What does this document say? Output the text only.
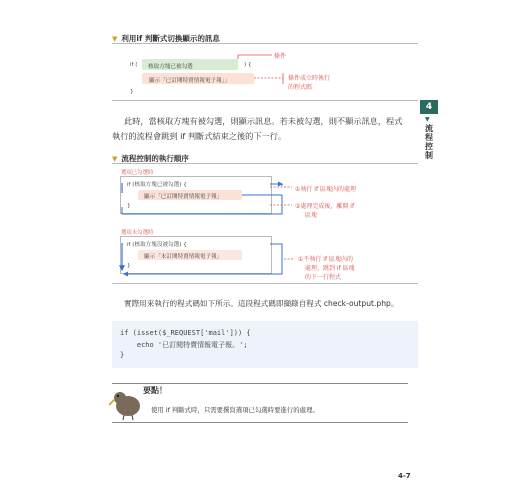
▼ 利用if 判斷式切換顯示的訊息
if ( 核取方塊已被勾選	) {
顯示「已訂閱特賣情報電子報」」
}
條件
條件成立時執行
的程式碼
此時，當核取方塊有被勾選，則顯示訊息。若未被勾選，則不顯示訊息，程式
執行的流程會跳到 if 判斷式結束之後的下一行。
4
▼
流程控制
▼ 流程控制的執行順序
選項已勾選時
if (核取方塊已被勾選) {
顯示「已訂閱特賣情報電子報」
}
選項未勾選時
if (核取方塊沒被勾選) {
顯示「未訂閱特賣情報電子報」
}
①執行 if 區塊內的處理
②處理完成後，離開 if
區塊
①不執行 if 區塊內的
處理，跳到 if 區塊
的下一行程式
實際用來執行的程式碼如下所示。這段程式碼即擷錄自程式 check-output.php。
if (isset($_REQUEST['mail'])) {
echo '已訂閱特賣情報電子報。';
}
要點！
使用 if 判斷式時，只需要撰寫選項已勾選時要進行的處理。
4-7
